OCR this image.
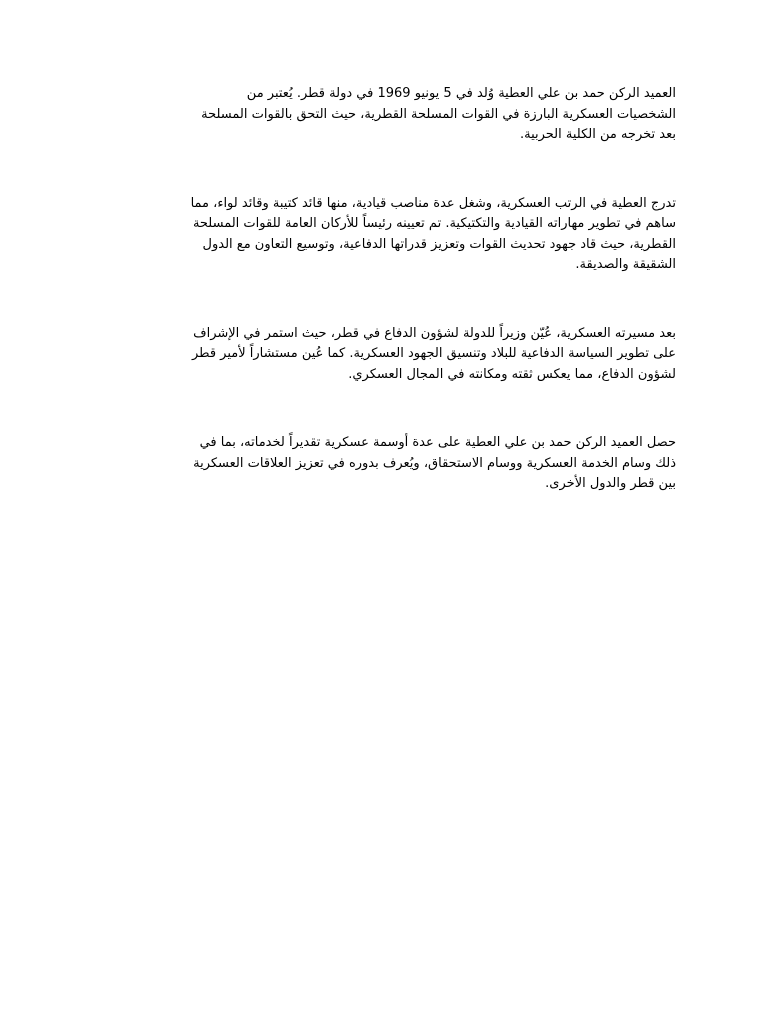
العميد الركن حمد بن علي العطية وُلد في 5 يونيو 1969 في دولة قطر. يُعتبر من
الشخصيات العسكرية البارزة في القوات المسلحة القطرية، حيث التحق بالقوات المسلحة
بعد تخرجه من الكلية الحربية.

تدرج العطية في الرتب العسكرية، وشغل عدة مناصب قيادية، منها قائد كتيبة وقائد لواء، مما
ساهم في تطوير مهاراته القيادية والتكتيكية. تم تعيينه رئيساً للأركان العامة للقوات المسلحة
القطرية، حيث قاد جهود تحديث القوات وتعزيز قدراتها الدفاعية، وتوسيع التعاون مع الدول
الشقيقة والصديقة.

بعد مسيرته العسكرية، عُيّن وزيراً للدولة لشؤون الدفاع في قطر، حيث استمر في الإشراف
على تطوير السياسة الدفاعية للبلاد وتنسيق الجهود العسكرية. كما عُين مستشاراً لأمير قطر
لشؤون الدفاع، مما يعكس ثقته ومكانته في المجال العسكري.

حصل العميد الركن حمد بن علي العطية على عدة أوسمة عسكرية تقديراً لخدماته، بما في
ذلك وسام الخدمة العسكرية ووسام الاستحقاق، ويُعرف بدوره في تعزيز العلاقات العسكرية
بين قطر والدول الأخرى.
